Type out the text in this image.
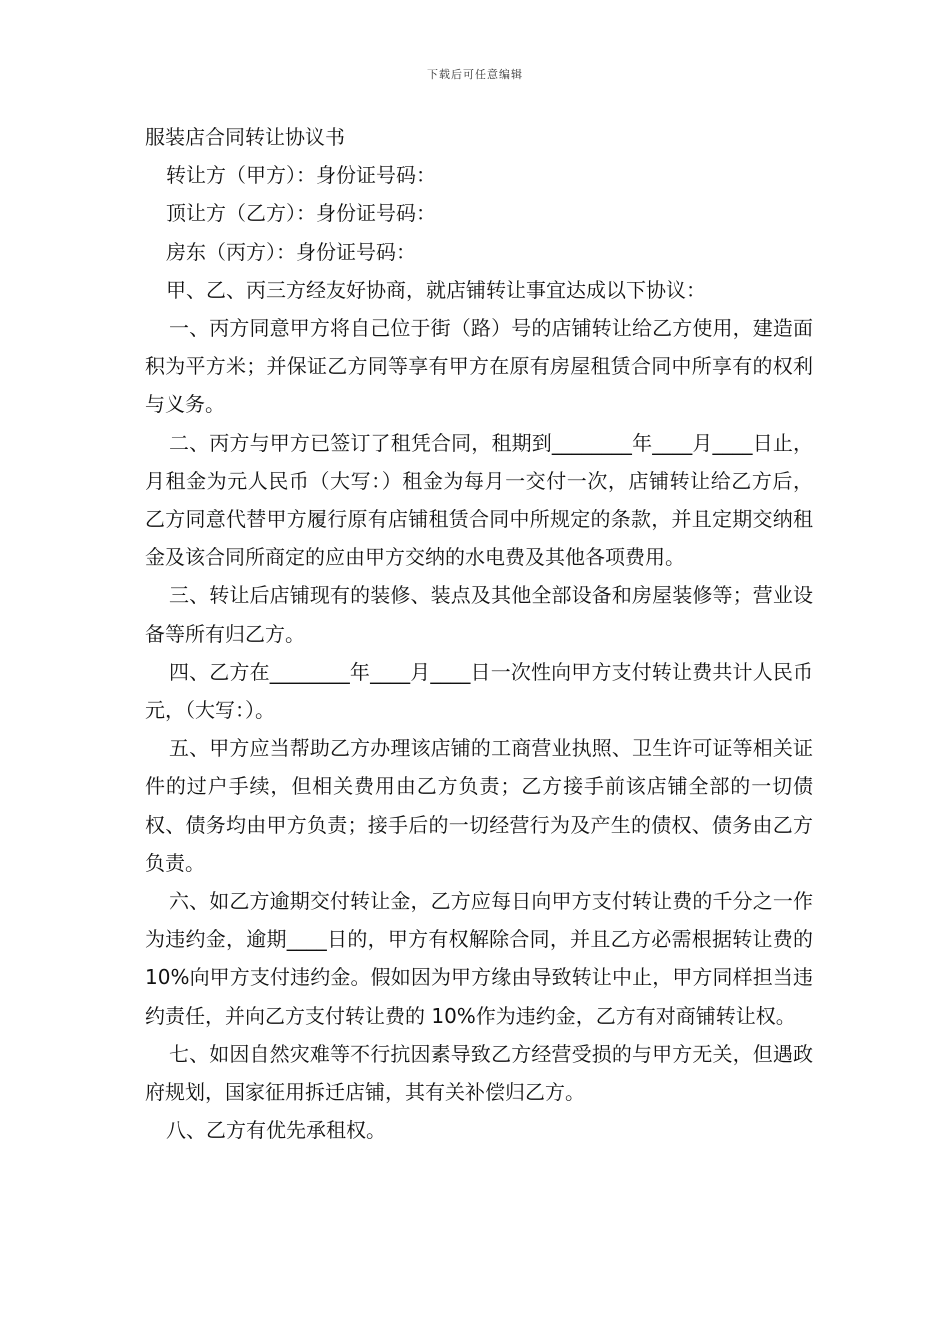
下载后可任意编辑

服装店合同转让协议书

转让方（甲方）：身份证号码：

顶让方（乙方）：身份证号码：

房东（丙方）：身份证号码：

甲、乙、丙三方经友好协商，就店铺转让事宜达成以下协议：

一、丙方同意甲方将自己位于街（路）号的店铺转让给乙方使用，建造面积为平方米；并保证乙方同等享有甲方在原有房屋租赁合同中所享有的权利与义务。

二、丙方与甲方已签订了租凭合同，租期到________年____月____日止，月租金为元人民币（大写：）租金为每月一交付一次，店铺转让给乙方后，乙方同意代替甲方履行原有店铺租赁合同中所规定的条款，并且定期交纳租金及该合同所商定的应由甲方交纳的水电费及其他各项费用。

三、转让后店铺现有的装修、装点及其他全部设备和房屋装修等；营业设备等所有归乙方。

四、乙方在________年____月____日一次性向甲方支付转让费共计人民币元，（大写：）。

五、甲方应当帮助乙方办理该店铺的工商营业执照、卫生许可证等相关证件的过户手续，但相关费用由乙方负责；乙方接手前该店铺全部的一切债权、债务均由甲方负责；接手后的一切经营行为及产生的债权、债务由乙方负责。

六、如乙方逾期交付转让金，乙方应每日向甲方支付转让费的千分之一作为违约金，逾期____日的，甲方有权解除合同，并且乙方必需根据转让费的 10%向甲方支付违约金。假如因为甲方缘由导致转让中止，甲方同样担当违约责任，并向乙方支付转让费的 10%作为违约金，乙方有对商铺转让权。

七、如因自然灾难等不行抗因素导致乙方经营受损的与甲方无关，但遇政府规划，国家征用拆迁店铺，其有关补偿归乙方。

八、乙方有优先承租权。
